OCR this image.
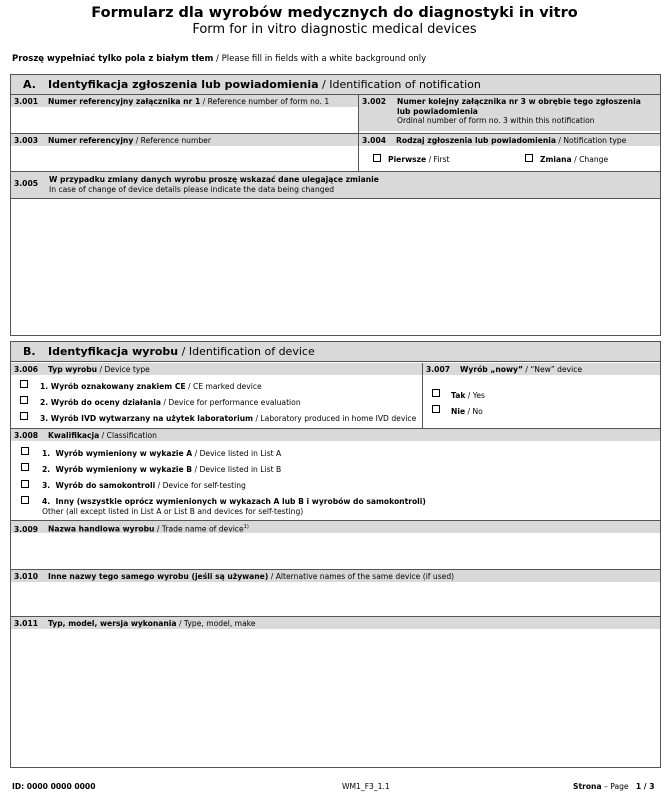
Formularz dla wyrobów medycznych do diagnostyki in vitro
Form for in vitro diagnostic medical devices
Proszę wypełniać tylko pola z białym tłem / Please fill in fields with a white background only
A. Identyfikacja zgłoszenia lub powiadomienia / Identification of notification
3.001 Numer referencyjny załącznika nr 1 / Reference number of form no. 1	3.002	Numer kolejny załącznika nr 3 w obrębie tego zgłoszenia lub powiadomienia
Ordinal number of form no. 3 within this notification
3.003 Numer referencyjny / Reference number	3.004 Rodzaj zgłoszenia lub powiadomienia / Notification type
Pierwsze / First	Zmiana / Change
3.005	W przypadku zmiany danych wyrobu proszę wskazać dane ulegające zmianie
In case of change of device details please indicate the data being changed
B. Identyfikacja wyrobu / Identification of device
3.006 Typ wyrobu / Device type	3.007 Wyrób „nowy” / “New” device
1. Wyrób oznakowany znakiem CE / CE marked device
2. Wyrób do oceny działania / Device for performance evaluation
3. Wyrób IVD wytwarzany na użytek laboratorium / Laboratory produced in home IVD device
Tak / Yes
Nie / No
3.008 Kwalifikacja / Classification
1. Wyrób wymieniony w wykazie A / Device listed in List A
2. Wyrób wymieniony w wykazie B / Device listed in List B
3. Wyrób do samokontroli / Device for self-testing
4. Inny (wszystkie oprócz wymienionych w wykazach A lub B i wyrobów do samokontroli)
Other (all except listed in List A or List B and devices for self-testing)
3.009 Nazwa handlowa wyrobu / Trade name of device$^{1)}$
3.010 Inne nazwy tego samego wyrobu (jeśli są używane) / Alternative names of the same device (if used)
3.011 Typ, model, wersja wykonania / Type, model, make
ID: 0000 0000 0000	WM1_F3_1.1	Strona – Page 1 / 3
